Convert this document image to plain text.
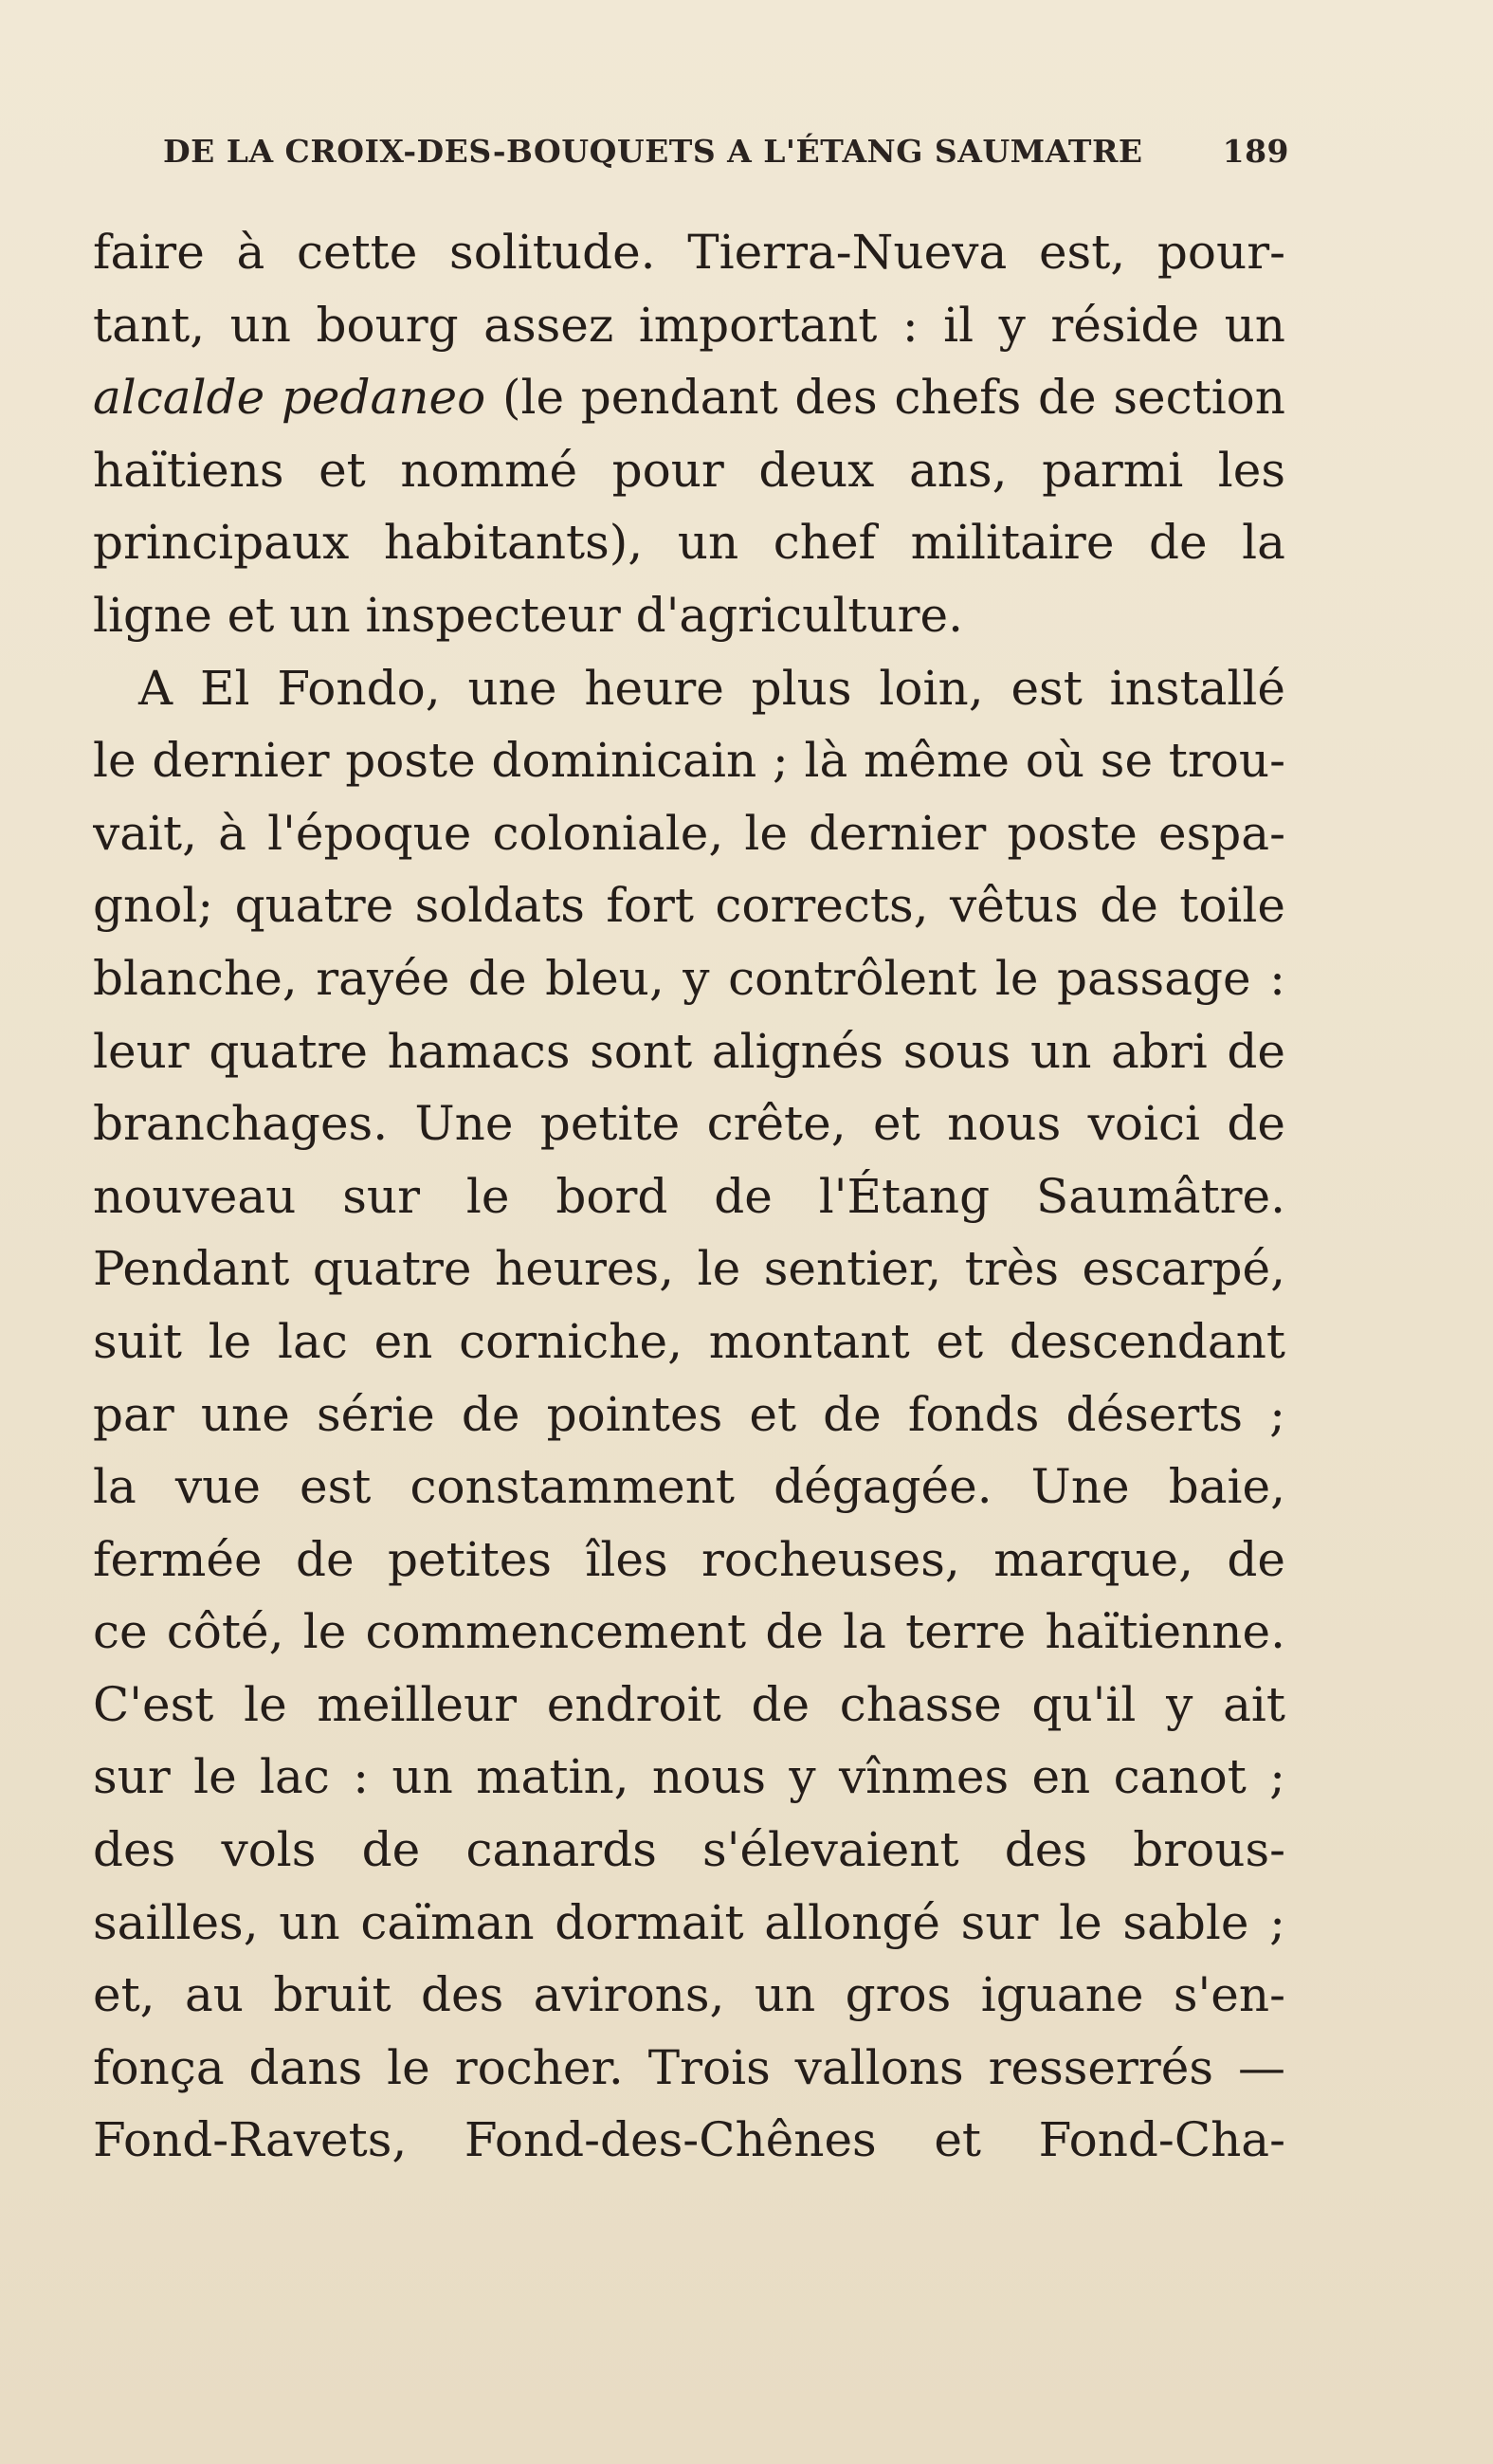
DE LA CROIX-DES-BOUQUETS A L'ÉTANG SAUMATRE	189
faire à cette solitude. Tierra-Nueva est, pour-
tant, un bourg assez important : il y réside un
alcalde pedaneo (le pendant des chefs de section
haïtiens et nommé pour deux ans, parmi les
principaux habitants), un chef militaire de la
ligne et un inspecteur d'agriculture.
A El Fondo, une heure plus loin, est installé
le dernier poste dominicain ; là même où se trou-
vait, à l'époque coloniale, le dernier poste espa-
gnol; quatre soldats fort corrects, vêtus de toile
blanche, rayée de bleu, y contrôlent le passage :
leur quatre hamacs sont alignés sous un abri de
branchages. Une petite crête, et nous voici de
nouveau sur le bord de l'Étang Saumâtre.
Pendant quatre heures, le sentier, très escarpé,
suit le lac en corniche, montant et descendant
par une série de pointes et de fonds déserts ;
la vue est constamment dégagée. Une baie,
fermée de petites îles rocheuses, marque, de
ce côté, le commencement de la terre haïtienne.
C'est le meilleur endroit de chasse qu'il y ait
sur le lac : un matin, nous y vînmes en canot ;
des vols de canards s'élevaient des brous-
sailles, un caïman dormait allongé sur le sable ;
et, au bruit des avirons, un gros iguane s'en-
fonça dans le rocher. Trois vallons resserrés —
Fond-Ravets, Fond-des-Chênes et Fond-Cha-
